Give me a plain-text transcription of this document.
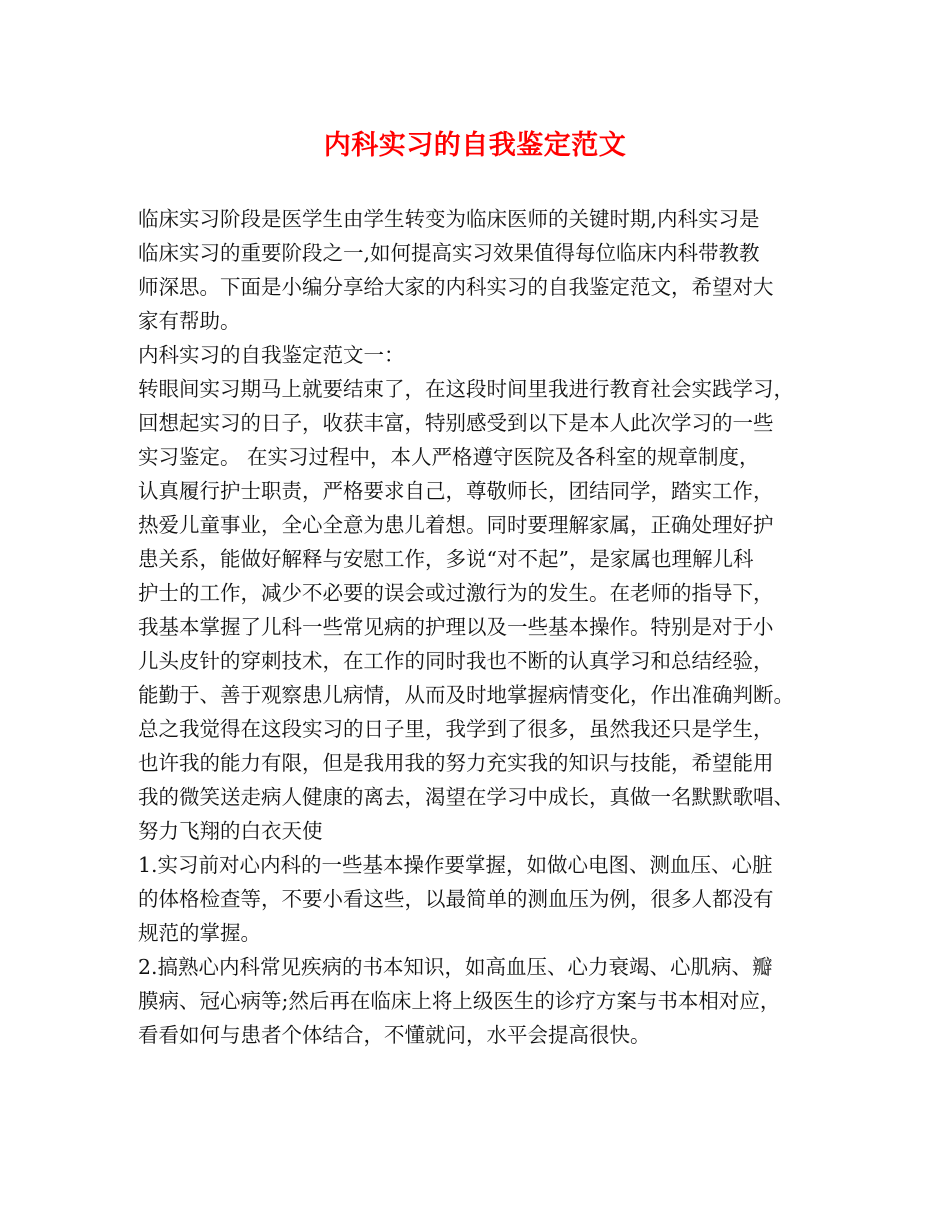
内科实习的自我鉴定范文
临床实习阶段是医学生由学生转变为临床医师的关键时期,内科实习是
临床实习的重要阶段之一,如何提高实习效果值得每位临床内科带教教
师深思。下面是小编分享给大家的内科实习的自我鉴定范文，希望对大
家有帮助。
内科实习的自我鉴定范文一：
转眼间实习期马上就要结束了，在这段时间里我进行教育社会实践学习，
回想起实习的日子，收获丰富，特别感受到以下是本人此次学习的一些
实习鉴定。 在实习过程中，本人严格遵守医院及各科室的规章制度，
认真履行护士职责，严格要求自己，尊敬师长，团结同学，踏实工作，
热爱儿童事业，全心全意为患儿着想。同时要理解家属，正确处理好护
患关系，能做好解释与安慰工作，多说“对不起”，是家属也理解儿科
护士的工作，减少不必要的误会或过激行为的发生。在老师的指导下，
我基本掌握了儿科一些常见病的护理以及一些基本操作。特别是对于小
儿头皮针的穿刺技术，在工作的同时我也不断的认真学习和总结经验，
能勤于、善于观察患儿病情，从而及时地掌握病情变化，作出准确判断。
总之我觉得在这段实习的日子里，我学到了很多，虽然我还只是学生，
也许我的能力有限，但是我用我的努力充实我的知识与技能，希望能用
我的微笑送走病人健康的离去，渴望在学习中成长，真做一名默默歌唱、
努力飞翔的白衣天使
1.实习前对心内科的一些基本操作要掌握，如做心电图、测血压、心脏
的体格检查等，不要小看这些，以最简单的测血压为例，很多人都没有
规范的掌握。
2.搞熟心内科常见疾病的书本知识，如高血压、心力衰竭、心肌病、瓣
膜病、冠心病等;然后再在临床上将上级医生的诊疗方案与书本相对应，
看看如何与患者个体结合，不懂就问，水平会提高很快。
